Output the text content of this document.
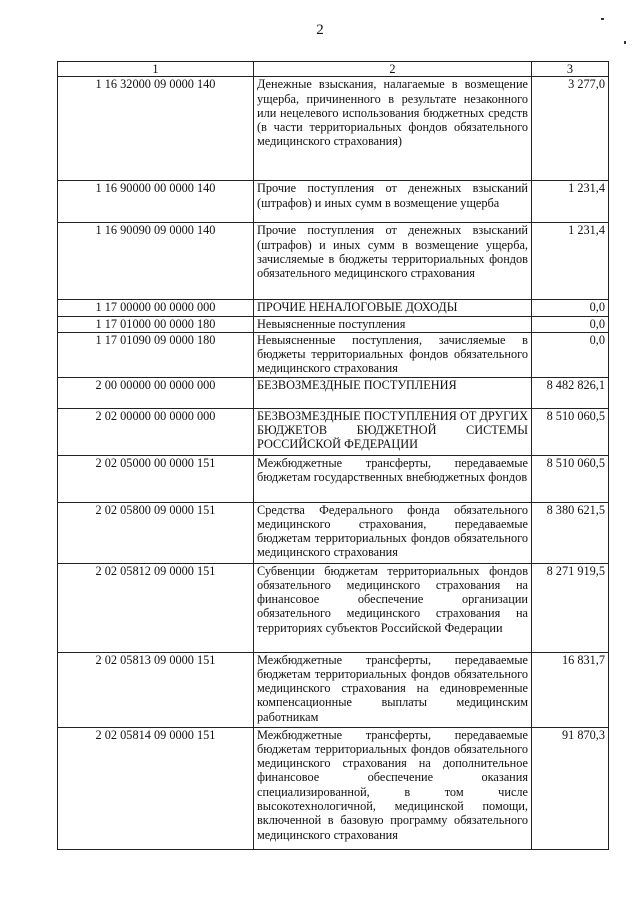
2
1	2	3
1 16 32000 09 0000 140	Денежные взыскания, налагаемые в возмещение ущерба, причиненного в результате незаконного или нецелевого использования бюджетных средств (в части территориальных фондов обязательного медицинского страхования)	3 277,0
1 16 90000 00 0000 140	Прочие поступления от денежных взысканий (штрафов) и иных сумм в возмещение ущерба	1 231,4
1 16 90090 09 0000 140	Прочие поступления от денежных взысканий (штрафов) и иных сумм в возмещение ущерба, зачисляемые в бюджеты территориальных фондов обязательного медицинского страхования	1 231,4
1 17 00000 00 0000 000	ПРОЧИЕ НЕНАЛОГОВЫЕ ДОХОДЫ	0,0
1 17 01000 00 0000 180	Невыясненные поступления	0,0
1 17 01090 09 0000 180	Невыясненные поступления, зачисляемые в бюджеты территориальных фондов обязательного медицинского страхования	0,0
2 00 00000 00 0000 000	БЕЗВОЗМЕЗДНЫЕ ПОСТУПЛЕНИЯ	8 482 826,1
2 02 00000 00 0000 000	БЕЗВОЗМЕЗДНЫЕ ПОСТУПЛЕНИЯ ОТ ДРУГИХ БЮДЖЕТОВ БЮДЖЕТНОЙ СИСТЕМЫ РОССИЙСКОЙ ФЕДЕРАЦИИ	8 510 060,5
2 02 05000 00 0000 151	Межбюджетные трансферты, передаваемые бюджетам государственных внебюджетных фондов	8 510 060,5
2 02 05800 09 0000 151	Средства Федерального фонда обязательного медицинского страхования, передаваемые бюджетам территориальных фондов обязательного медицинского страхования	8 380 621,5
2 02 05812 09 0000 151	Субвенции бюджетам территориальных фондов обязательного медицинского страхования на финансовое обеспечение организации обязательного медицинского страхования на территориях субъектов Российской Федерации	8 271 919,5
2 02 05813 09 0000 151	Межбюджетные трансферты, передаваемые бюджетам территориальных фондов обязательного медицинского страхования на единовременные компенсационные выплаты медицинским работникам	16 831,7
2 02 05814 09 0000 151	Межбюджетные трансферты, передаваемые бюджетам территориальных фондов обязательного медицинского страхования на дополнительное финансовое обеспечение оказания специализированной, в том числе высокотехнологичной, медицинской помощи, включенной в базовую программу обязательного медицинского страхования	91 870,3
